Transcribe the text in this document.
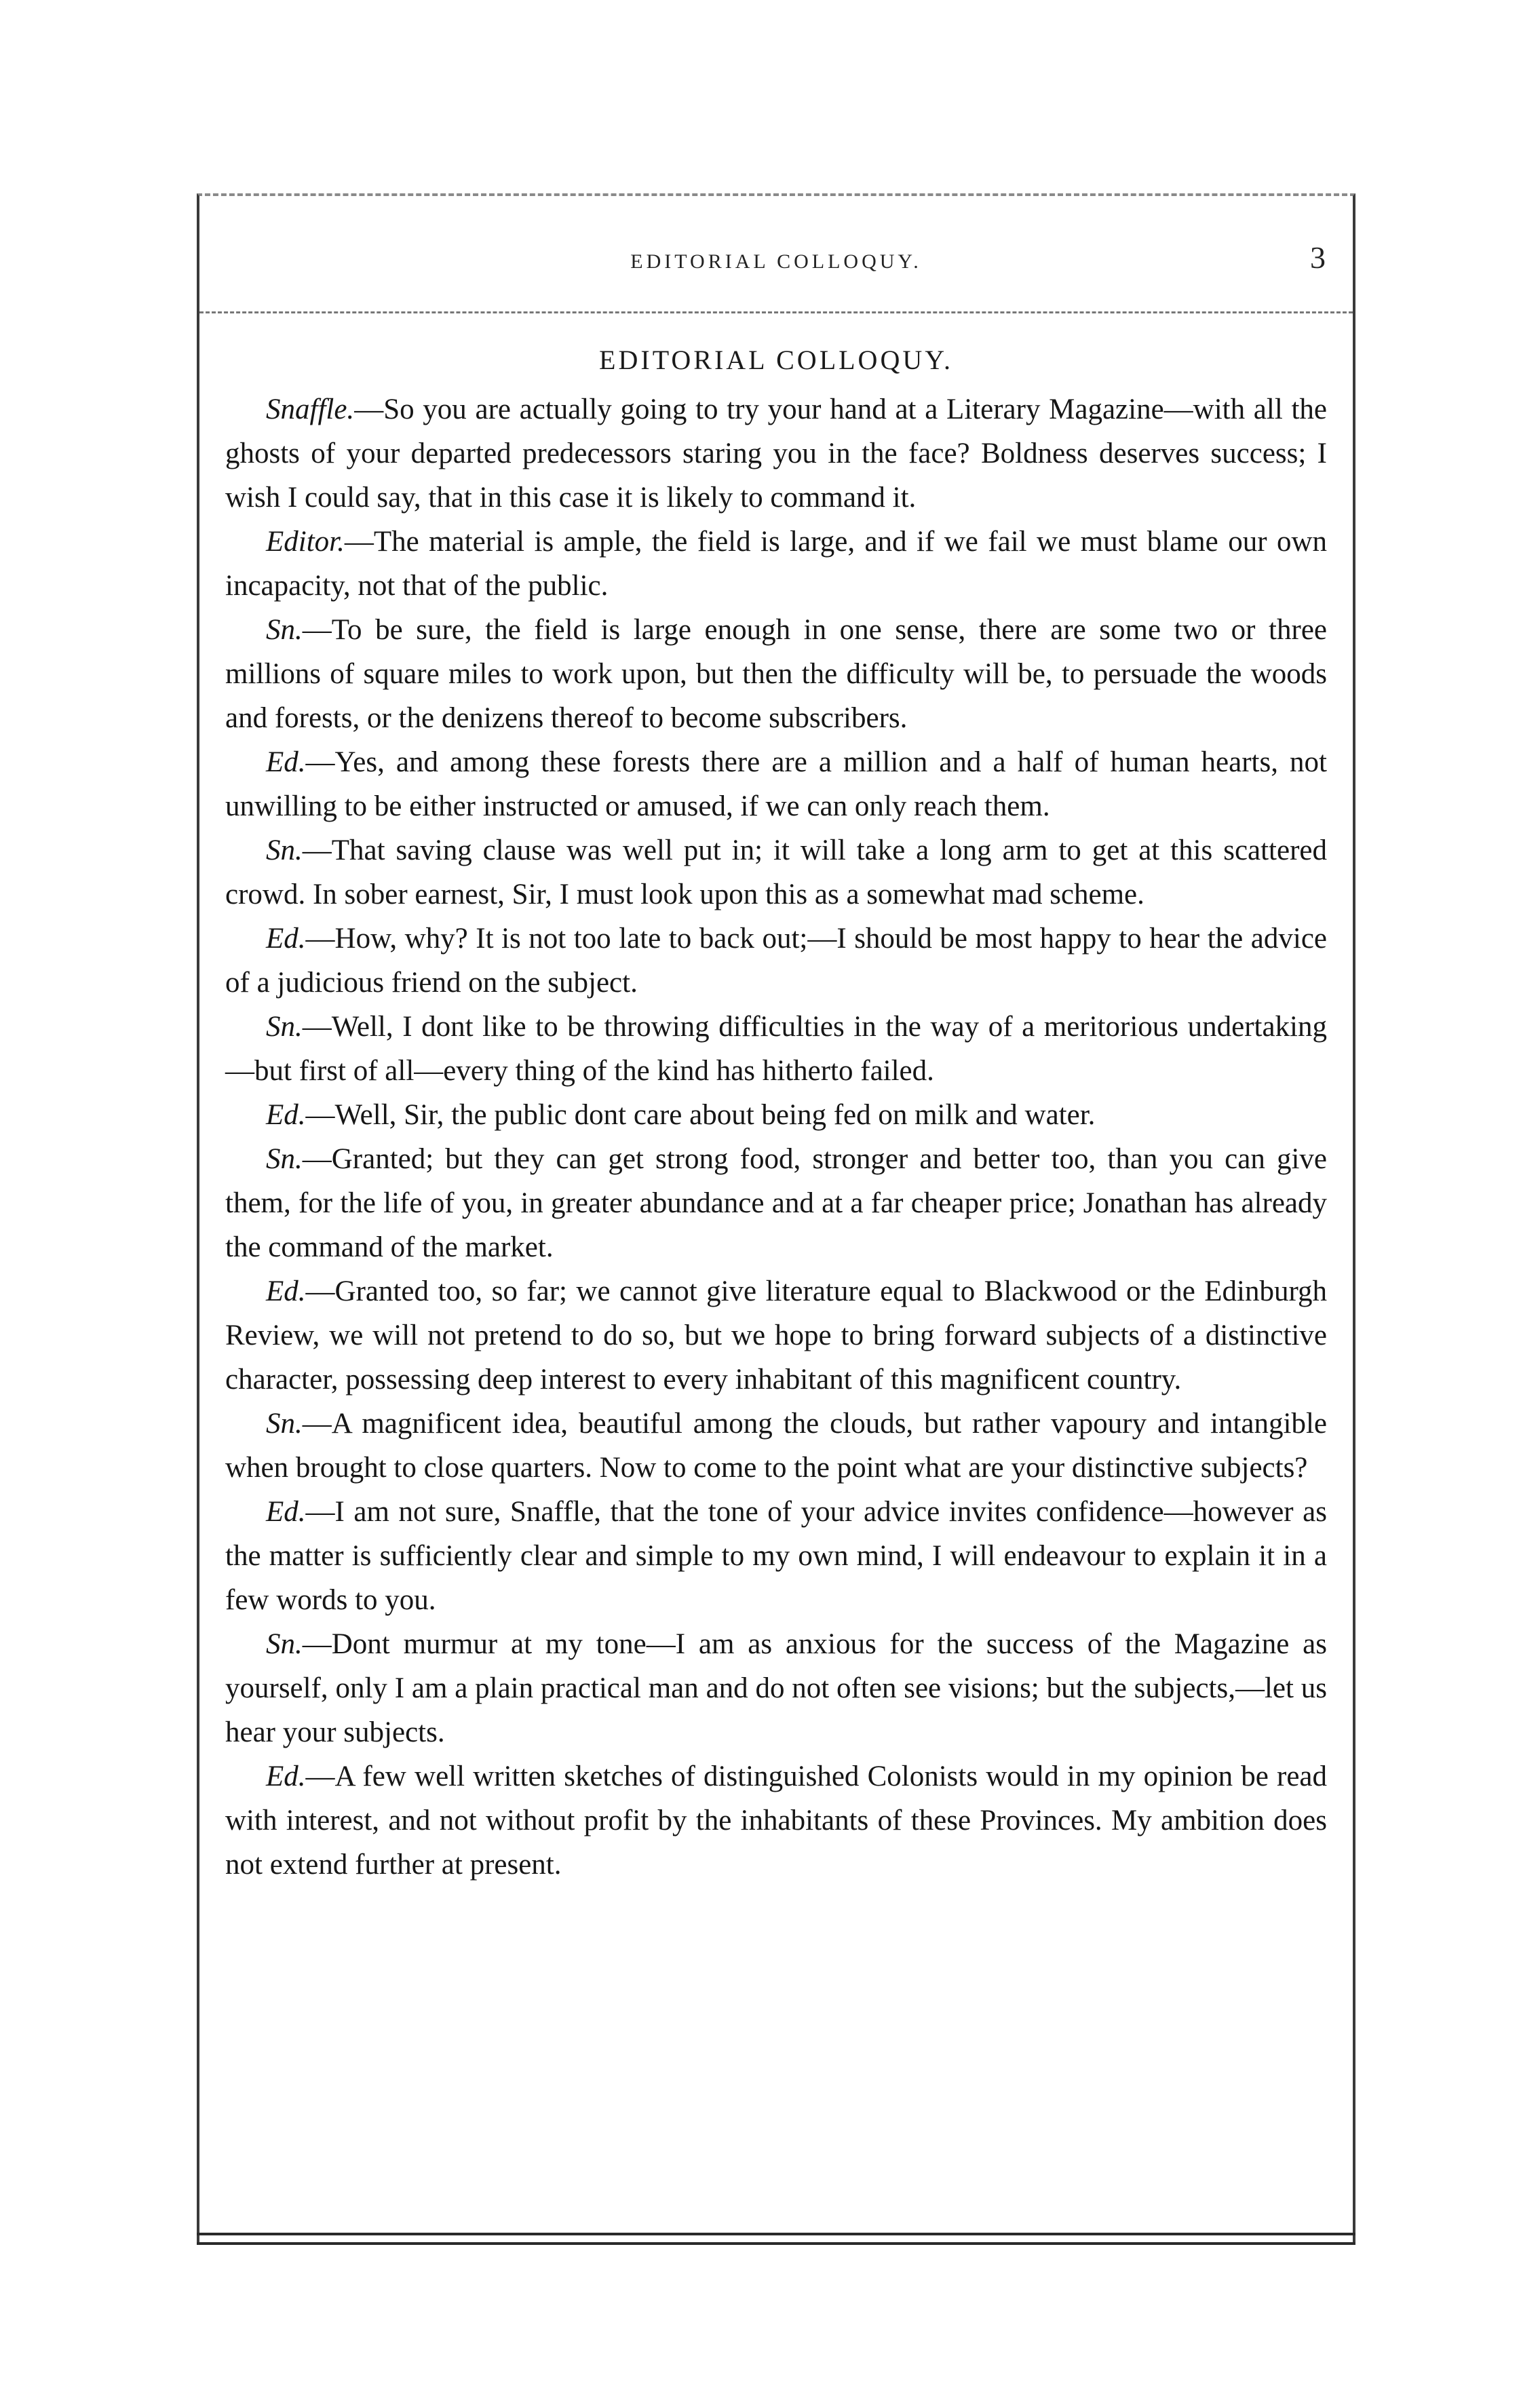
EDITORIAL COLLOQUY.	3
EDITORIAL COLLOQUY.

Snaffle.—So you are actually going to try your hand at a Literary Magazine—with all the ghosts of your departed predecessors staring you in the face? Boldness deserves success; I wish I could say, that in this case it is likely to command it.

Editor.—The material is ample, the field is large, and if we fail we must blame our own incapacity, not that of the public.

Sn.—To be sure, the field is large enough in one sense, there are some two or three millions of square miles to work upon, but then the difficulty will be, to persuade the woods and forests, or the denizens thereof to become subscribers.

Ed.—Yes, and among these forests there are a million and a half of human hearts, not unwilling to be either instructed or amused, if we can only reach them.

Sn.—That saving clause was well put in; it will take a long arm to get at this scattered crowd. In sober earnest, Sir, I must look upon this as a somewhat mad scheme.

Ed.—How, why? It is not too late to back out;—I should be most happy to hear the advice of a judicious friend on the subject.

Sn.—Well, I dont like to be throwing difficulties in the way of a meritorious undertaking—but first of all—every thing of the kind has hitherto failed.

Ed.—Well, Sir, the public dont care about being fed on milk and water.

Sn.—Granted; but they can get strong food, stronger and better too, than you can give them, for the life of you, in greater abundance and at a far cheaper price; Jonathan has already the command of the market.

Ed.—Granted too, so far; we cannot give literature equal to Blackwood or the Edinburgh Review, we will not pretend to do so, but we hope to bring forward subjects of a distinctive character, possessing deep interest to every inhabitant of this magnificent country.

Sn.—A magnificent idea, beautiful among the clouds, but rather vapoury and intangible when brought to close quarters. Now to come to the point what are your distinctive subjects?

Ed.—I am not sure, Snaffle, that the tone of your advice invites confidence—however as the matter is sufficiently clear and simple to my own mind, I will endeavour to explain it in a few words to you.

Sn.—Dont murmur at my tone—I am as anxious for the success of the Magazine as yourself, only I am a plain practical man and do not often see visions; but the subjects,—let us hear your subjects.

Ed.—A few well written sketches of distinguished Colonists would in my opinion be read with interest, and not without profit by the inhabitants of these Provinces. My ambition does not extend further at present.
